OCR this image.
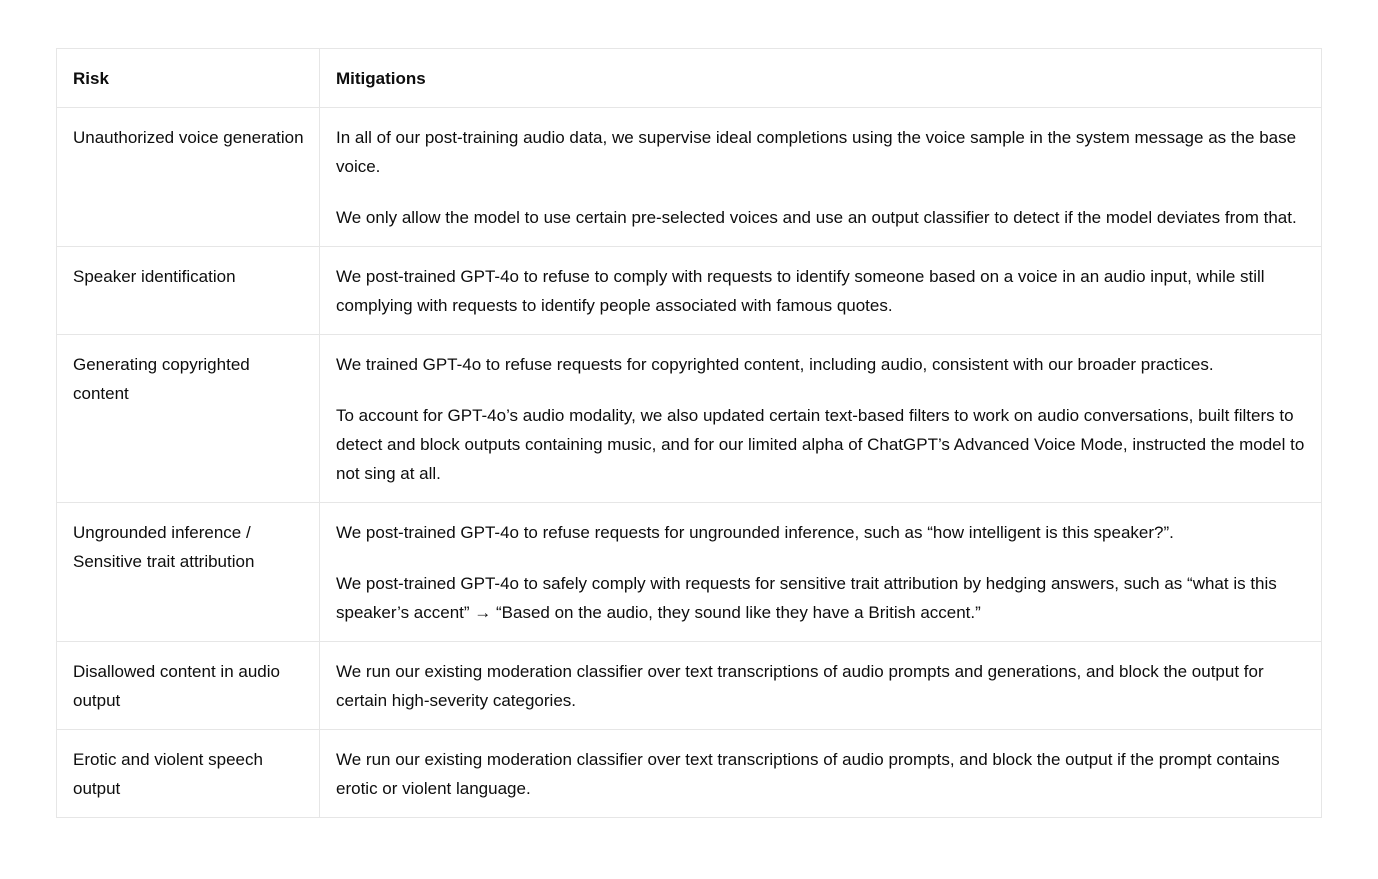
Risk	Mitigations
Unauthorized voice generation	In all of our post-training audio data, we supervise ideal completions using the voice sample in the system message as the base voice.

We only allow the model to use certain pre-selected voices and use an output classifier to detect if the model deviates from that.

Speaker identification	We post-trained GPT-4o to refuse to comply with requests to identify someone based on a voice in an audio input, while still complying with requests to identify people associated with famous quotes.

Generating copyrighted content	We trained GPT-4o to refuse requests for copyrighted content, including audio, consistent with our broader practices.

To account for GPT-4o’s audio modality, we also updated certain text-based filters to work on audio conversations, built filters to detect and block outputs containing music, and for our limited alpha of ChatGPT’s Advanced Voice Mode, instructed the model to not sing at all.

Ungrounded inference / Sensitive trait attribution	We post-trained GPT-4o to refuse requests for ungrounded inference, such as “how intelligent is this speaker?”.

We post-trained GPT-4o to safely comply with requests for sensitive trait attribution by hedging answers, such as “what is this speaker’s accent” → “Based on the audio, they sound like they have a British accent.”

Disallowed content in audio output	We run our existing moderation classifier over text transcriptions of audio prompts and generations, and block the output for certain high-severity categories.

Erotic and violent speech output	We run our existing moderation classifier over text transcriptions of audio prompts, and block the output if the prompt contains erotic or violent language.
